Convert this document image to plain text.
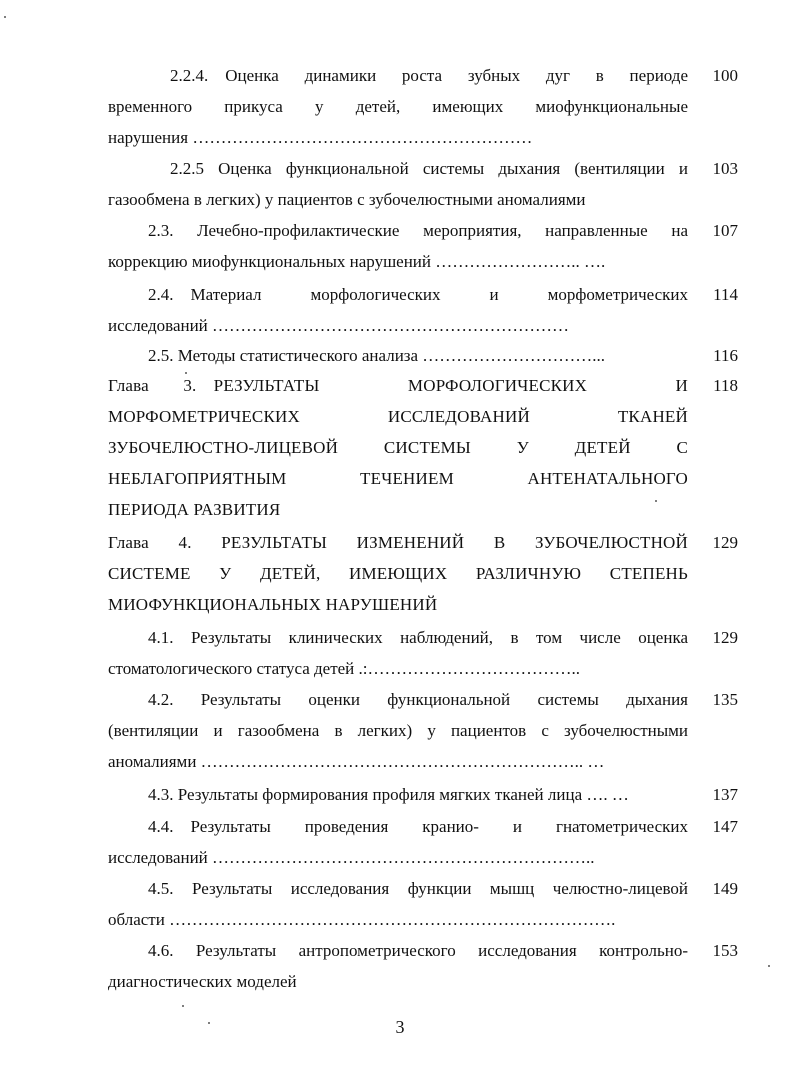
2.2.4. Оценка динамики роста зубных дуг в периоде
временного прикуса у детей, имеющих миофункциональные
нарушения ……………………………………………………
100
2.2.5 Оценка функциональной системы дыхания (вентиляции и
газообмена в легких) у пациентов с зубочелюстными аномалиями
103
2.3. Лечебно-профилактические мероприятия, направленные на
коррекцию миофункциональных нарушений …………………….. ….
107
2.4. Материал морфологических и морфометрических
исследований ………………………………………………………
114
2.5. Методы статистического анализа …………………………...	116
Глава  3. РЕЗУЛЬТАТЫ МОРФОЛОГИЧЕСКИХ И
МОРФОМЕТРИЧЕСКИХ ИССЛЕДОВАНИЙ ТКАНЕЙ
ЗУБОЧЕЛЮСТНО-ЛИЦЕВОЙ СИСТЕМЫ У ДЕТЕЙ С
НЕБЛАГОПРИЯТНЫМ ТЕЧЕНИЕМ АНТЕНАТАЛЬНОГО
ПЕРИОДА РАЗВИТИЯ
118
Глава 4. РЕЗУЛЬТАТЫ ИЗМЕНЕНИЙ В ЗУБОЧЕЛЮСТНОЙ
СИСТЕМЕ У ДЕТЕЙ, ИМЕЮЩИХ РАЗЛИЧНУЮ СТЕПЕНЬ
МИОФУНКЦИОНАЛЬНЫХ НАРУШЕНИЙ
129
4.1. Результаты клинических наблюдений, в том числе оценка
стоматологического статуса детей .:………………………………..
129
4.2. Результаты оценки функциональной системы дыхания
(вентиляции и газообмена в легких) у пациентов с зубочелюстными
аномалиями ………………………………………………………….. …
135
4.3. Результаты формирования профиля мягких тканей лица …. …	137
4.4. Результаты проведения кранио- и гнатометрических
исследований …………………………………………………………..
147
4.5. Результаты исследования функции мышц челюстно-лицевой
области …………………………………………………………………….
149
4.6. Результаты антропометрического исследования контрольно-
диагностических моделей
153
3
